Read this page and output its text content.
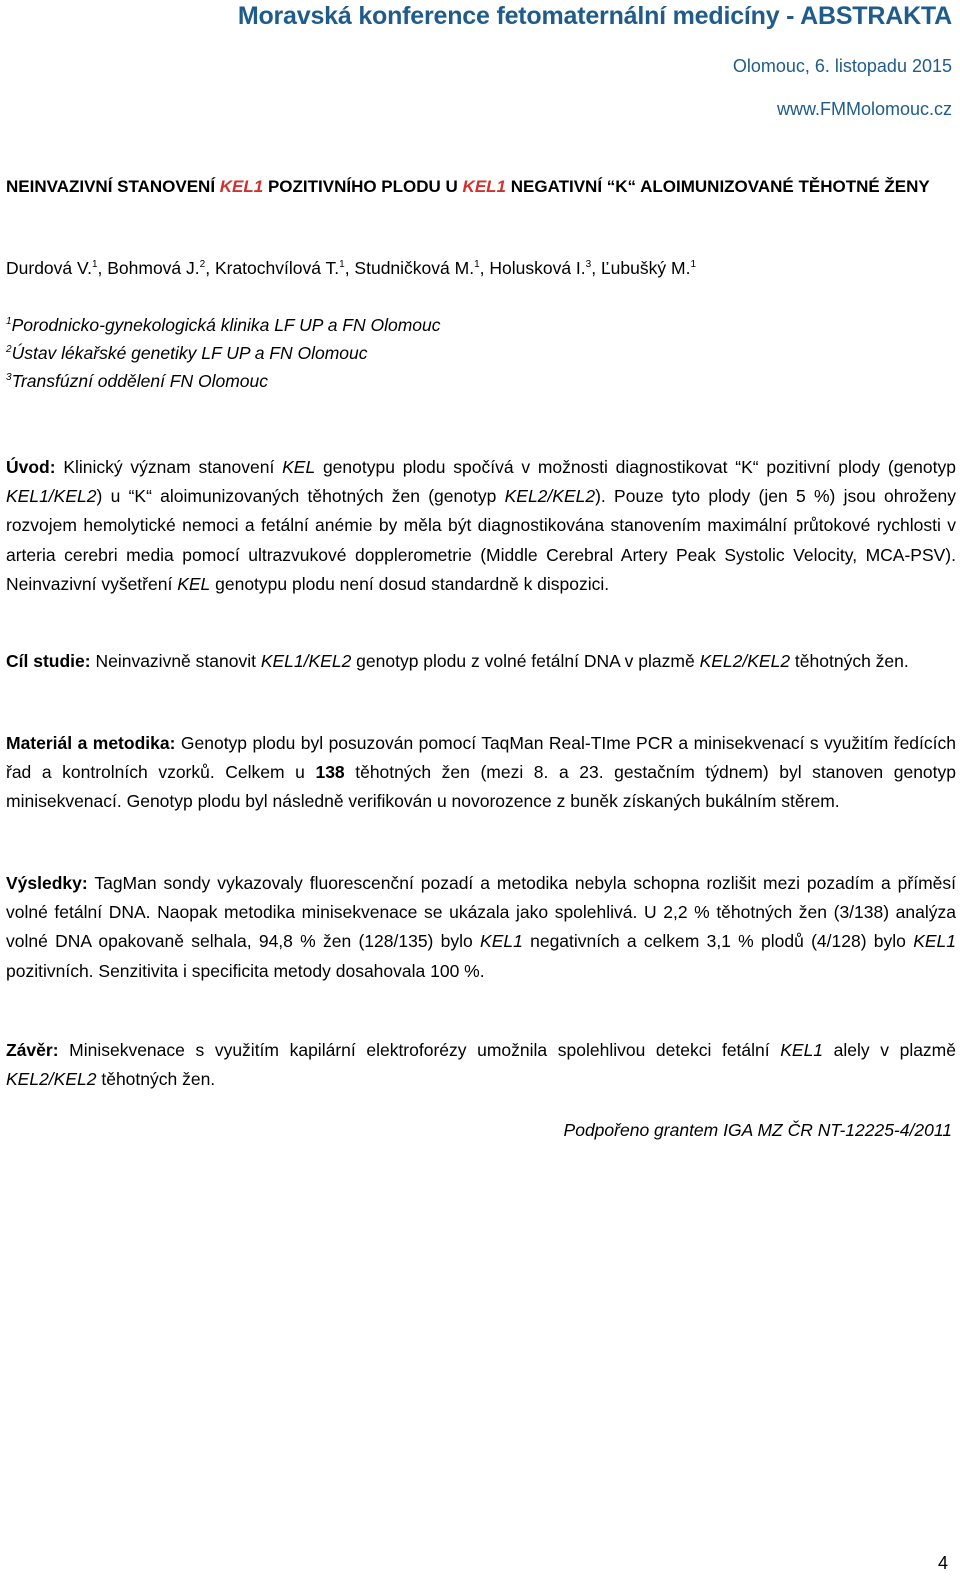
Moravská konference fetomaternální medicíny - ABSTRAKTA
Olomouc, 6. listopadu 2015
www.FMMolomouc.cz
NEINVAZIVNÍ STANOVENÍ KEL1 POZITIVNÍHO PLODU U KEL1 NEGATIVNÍ “K“ ALOIMUNIZOVANÉ TĚHOTNÉ ŽENY
Durdová V.$^1$, Bohmová J.$^2$, Kratochvílová T.$^1$, Studničková M.$^1$, Holusková I.$^3$, Ľubušký M.$^1$
$^1$Porodnicko-gynekologická klinika LF UP a FN Olomouc
$^2$Ústav lékařské genetiky LF UP a FN Olomouc
$^3$Transfúzní oddělení FN Olomouc
Úvod: Klinický význam stanovení KEL genotypu plodu spočívá v možnosti diagnostikovat “K“ pozitivní plody (genotyp KEL1/KEL2) u “K“ aloimunizovaných těhotných žen (genotyp KEL2/KEL2). Pouze tyto plody (jen 5 %) jsou ohroženy rozvojem hemolytické nemoci a fetální anémie by měla být diagnostikována stanovením maximální průtokové rychlosti v arteria cerebri media pomocí ultrazvukové dopplerometrie (Middle Cerebral Artery Peak Systolic Velocity, MCA-PSV). Neinvazivní vyšetření KEL genotypu plodu není dosud standardně k dispozici.
Cíl studie: Neinvazivně stanovit KEL1/KEL2 genotyp plodu z volné fetální DNA v plazmě KEL2/KEL2 těhotných žen.
Materiál a metodika: Genotyp plodu byl posuzován pomocí TaqMan Real-TIme PCR a minisekvenací s využitím ředících řad a kontrolních vzorků. Celkem u 138 těhotných žen (mezi 8. a 23. gestačním týdnem) byl stanoven genotyp minisekvenací. Genotyp plodu byl následně verifikován u novorozence z buněk získaných bukálním stěrem.
Výsledky: TagMan sondy vykazovaly fluorescenční pozadí a metodika nebyla schopna rozlišit mezi pozadím a příměsí volné fetální DNA. Naopak metodika minisekvenace se ukázala jako spolehlivá. U 2,2 % těhotných žen (3/138) analýza volné DNA opakovaně selhala, 94,8 % žen (128/135) bylo KEL1 negativních a celkem 3,1 % plodů (4/128) bylo KEL1 pozitivních. Senzitivita i specificita metody dosahovala 100 %.
Závěr: Minisekvenace s využitím kapilární elektroforézy umožnila spolehlivou detekci fetální KEL1 alely v plazmě KEL2/KEL2 těhotných žen.
Podpořeno grantem IGA MZ ČR NT-12225-4/2011
4
